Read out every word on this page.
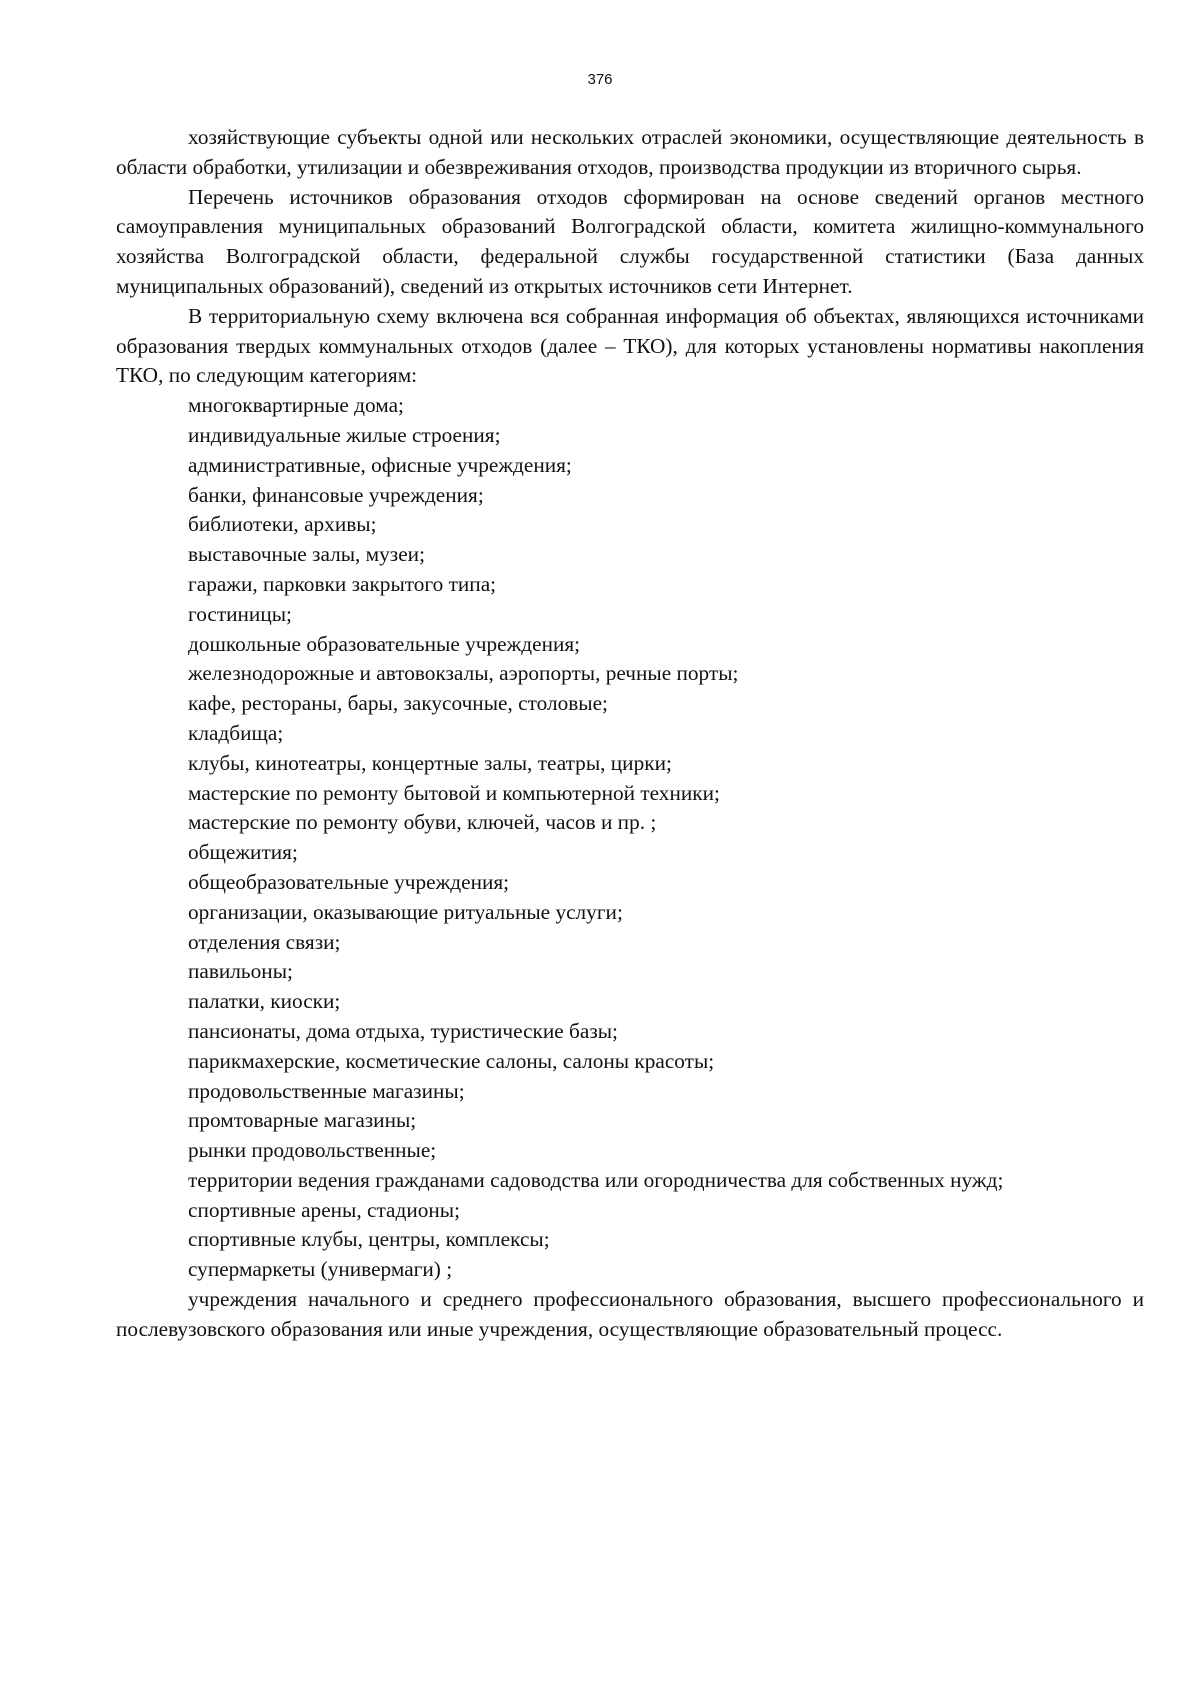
376

хозяйствующие субъекты одной или нескольких отраслей экономики, осуществляющие деятельность в области обработки, утилизации и обезвреживания отходов, производства продукции из вторичного сырья.

Перечень источников образования отходов сформирован на основе сведений органов местного самоуправления муниципальных образований Волгоградской области, комитета жилищно-коммунального хозяйства Волгоградской области, федеральной службы государственной статистики (База данных муниципальных образований), сведений из открытых источников сети Интернет.

В территориальную схему включена вся собранная информация об объектах, являющихся источниками образования твердых коммунальных отходов (далее – ТКО), для которых установлены нормативы накопления ТКО, по следующим категориям:

многоквартирные дома;
индивидуальные жилые строения;
административные, офисные учреждения;
банки, финансовые учреждения;
библиотеки, архивы;
выставочные залы, музеи;
гаражи, парковки закрытого типа;
гостиницы;
дошкольные образовательные учреждения;
железнодорожные и автовокзалы, аэропорты, речные порты;
кафе, рестораны, бары, закусочные, столовые;
кладбища;
клубы, кинотеатры, концертные залы, театры, цирки;
мастерские по ремонту бытовой и компьютерной техники;
мастерские по ремонту обуви, ключей, часов и пр. ;
общежития;
общеобразовательные учреждения;
организации, оказывающие ритуальные услуги;
отделения связи;
павильоны;
палатки, киоски;
пансионаты, дома отдыха, туристические базы;
парикмахерские, косметические салоны, салоны красоты;
продовольственные магазины;
промтоварные магазины;
рынки продовольственные;
территории ведения гражданами садоводства или огородничества для собственных нужд;
спортивные арены, стадионы;
спортивные клубы, центры, комплексы;
супермаркеты (универмаги) ;

учреждения начального и среднего профессионального образования, высшего профессионального и послевузовского образования или иные учреждения, осуществляющие образовательный процесс.
